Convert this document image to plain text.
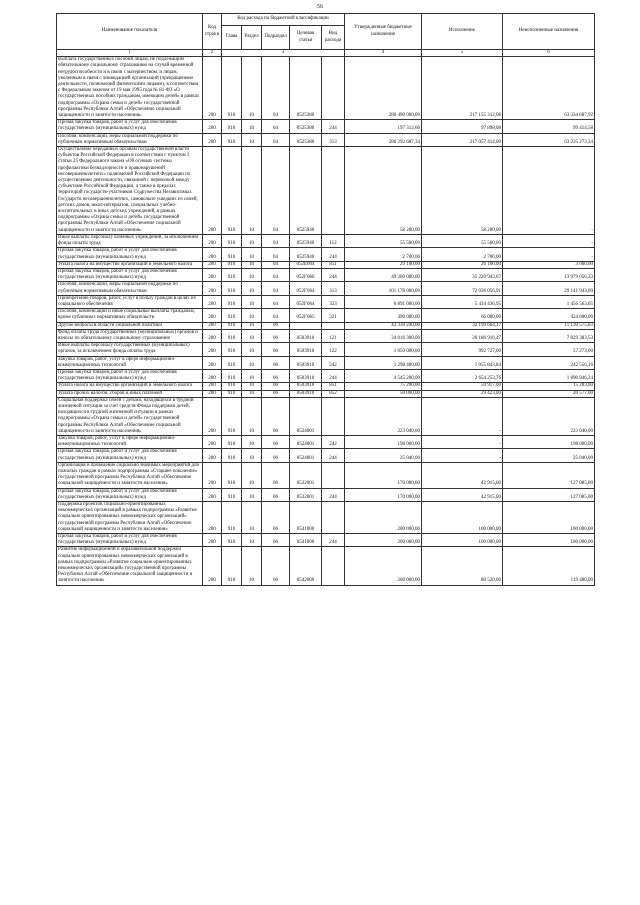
56
Наименование показателя	Код строки	Код расхода по бюджетной классификации					Утвержденные бюджетные назначения	Исполнение	Неисполненные назначения
		Глава	Раздел	Подраздел	Целевая статья	Вид расхода			
1	2	3					4	5	6
Выплата государственных пособий лицам, не подлежащим обязательному социальному страхованию на случай временной нетрудоспособности и в связи с материнством, и лицам, уволенным в связи с ликвидацией организаций (прекращением деятельности, полномочий физическими лицами), в соответствии с Федеральным законом от 19 мая 1995 года № 81-ФЗ «О государственных пособиях гражданам, имеющим детей» в рамках подпрограммы «Охрана семьи и детей» государственной программы Республики Алтай «Обеспечение социальной защищенности и занятости населения»	200	910	10	04	0525380		280 490 000,00	217 155 312,08	63 334 687,92
Прочая закупка товаров, работ и услуг для обеспечения государственных (муниципальных) нужд	200	910	10	04	0525380	244	197 312,66	97 898,08	99 414,58
Пособия, компенсации, меры социальной поддержки по публичным нормативным обязательствам	200	910	10	04	0525380	313	280 292 687,34	217 057 414,00	63 235 273,34
Осуществление переданных органам государственной власти субъектов Российской Федерации в соответствии с пунктом 3 статьи 25 Федерального закона «Об основах системы профилактики безнадзорности и правонарушений несовершеннолетних» полномочий Российской Федерации по осуществлению деятельности, связанной с перевозкой между субъектами Российской Федерации, а также в пределах территорий государств-участников Содружества Независимых Государств несовершеннолетних, самовольно ушедших из семей, детских домов, школ-интернатов, специальных учебно-воспитательных и иных детских учреждений, в рамках подпрограммы «Охрана семьи и детей» государственной программы Республики Алтай «Обеспечение социальной защищенности и занятости населения»	200	910	10	04	0525940		58 200,00	58 200,00	-
Иные выплаты персоналу казенных учреждений, за исключением фонда оплаты труда	200	910	10	04	0525940	112	55 500,00	55 500,00	-
Прочая закупка товаров, работ и услуг для обеспечения государственных (муниципальных) нужд	200	910	10	04	0525940	244	2 700,00	2 700,00	-
Уплата налога на имущество организаций и земельного налога	200	910	10	04	052Е004	851	29 100,00	26 100,00	3 000,00
Прочая закупка товаров, работ и услуг для обеспечения государственных (муниципальных) нужд	200	910	10	04	052Г060	244	49 200 000,00	35 220 943,67	13 979 056,33
Пособия, компенсации, меры социальной поддержки по публичным нормативным обязательствам	200	910	10	04	052Г064	313	101 178 000,00	72 036 056,91	29 141 943,09
Приобретение товаров, работ, услуг в пользу граждан в целях их социального обеспечения	200	910	10	04	052Г064	323	6 891 000,00	5 434 436,95	1 456 563,05
Пособия, компенсации и иные социальные выплаты гражданам, кроме публичных нормативных обязательств	200	910	10	04	052Г065	321	490 000,00	66 000,00	424 000,00
Другие вопросы в области социальной политики	200	910	10	06			43 330 240,00	32 199 664,17	11 130 575,83
Фонд оплаты труда государственных (муниципальных) органов и взносы по обязательному социальному страхованию	200	910	10	06	0503910	121	34 016 300,00	26 186 916,47	7 829 383,53
Иные выплаты персоналу государственных (муниципальных) органов, за исключением фонда оплаты труда	200	910	10	06	0503910	122	1 050 000,00	992 727,00	57 273,00
Закупка товаров, работ, услуг в сфере информационно-коммуникационных технологий	200	910	10	06	0503910	242	1 298 400,00	1 055 843,84	242 556,16
Прочая закупка товаров, работ и услуг для обеспечения государственных (муниципальных) нужд	200	910	10	06	0503910	244	4 545 200,00	2 654 253,76	1 890 946,24
Уплата налога на имущество организаций и земельного налога	200	910	10	06	0503910	851	75 200,00	59 917,00	15 283,00
Уплата прочих налогов, сборов и иных платежей	200	910	10	06	0503910	852	50 000,00	29 423,00	20 577,00
Социальная поддержка семей с детьми, находящихся в трудной жизненной ситуации за счет средств Фонда поддержки детей, находящихся в трудной жизненной ситуации в рамках подпрограммы «Охрана семьи и детей» государственной программы Республики Алтай «Обеспечение социальной защищенности и занятости населения»	200	910	10	06	0524001		223 040,00	-	223 040,00
Закупка товаров, работ, услуг в сфере информационно-коммуникационных технологий	200	910	10	06	0524001	242	198 000,00	-	198 000,00
Прочая закупка товаров, работ и услуг для обеспечения государственных (муниципальных) нужд	200	910	10	06	0524001	244	25 040,00	-	25 040,00
Организация и проведение социально значимых мероприятий для пожилых граждан в рамках подпрограммы «Старшее поколение» государственной программы Республики Алтай «Обеспечение социальной защищенности и занятости населения»	200	910	10	06	0532001		170 000,00	42 915,00	127 085,00
Прочая закупка товаров, работ и услуг для обеспечения государственных (муниципальных) нужд	200	910	10	06	0532001	244	170 000,00	42 915,00	127 085,00
Поддержка проектов социально-ориентированных некоммерческих организаций в рамках подпрограммы «Развитие социально ориентированных некоммерческих организаций» государственной программы Республики Алтай «Обеспечение социальной защищенности и занятости населения»	200	910	10	06	0541000		200 000,00	100 000,00	100 000,00
Прочая закупка товаров, работ и услуг для обеспечения государственных (муниципальных) нужд	200	910	10	06	0541000	244	200 000,00	100 000,00	100 000,00
Развитие информационной и образовательной поддержки социально ориентированных некоммерческих организаций в рамках подпрограммы «Развитие социально ориентированных некоммерческих организаций» государственной программы Республики Алтай «Обеспечение социальной защищенности и занятости населения»	200	910	10	06	0542000		200 000,00	80 520,00	119 480,00
